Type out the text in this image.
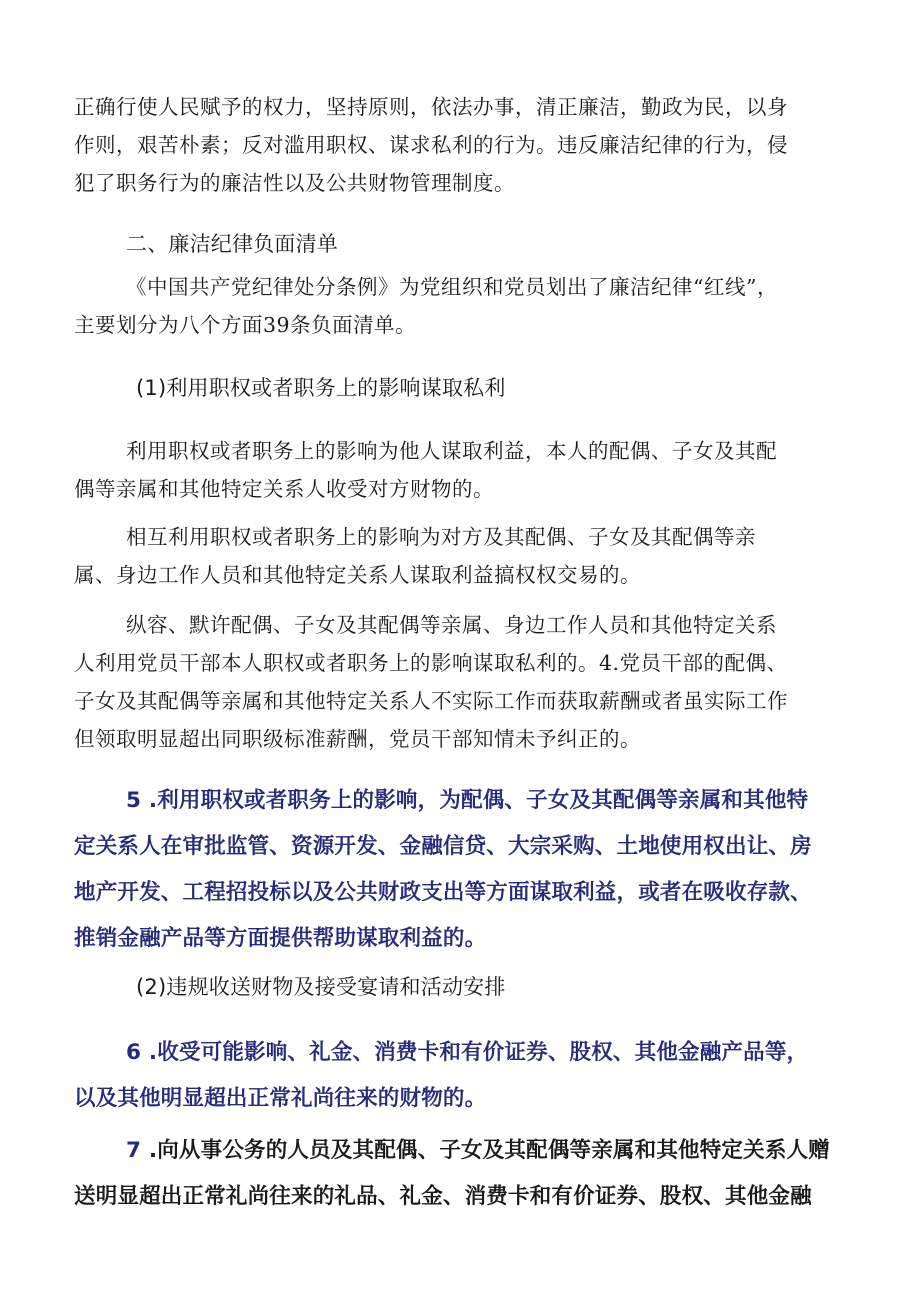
正确行使人民赋予的权力，坚持原则，依法办事，清正廉洁，勤政为民，以身
作则，艰苦朴素；反对滥用职权、谋求私利的行为。违反廉洁纪律的行为，侵
犯了职务行为的廉洁性以及公共财物管理制度。
二、廉洁纪律负面清单
《中国共产党纪律处分条例》为党组织和党员划出了廉洁纪律“红线”，
主要划分为八个方面39条负面清单。
(1)利用职权或者职务上的影响谋取私利
利用职权或者职务上的影响为他人谋取利益，本人的配偶、子女及其配
偶等亲属和其他特定关系人收受对方财物的。
相互利用职权或者职务上的影响为对方及其配偶、子女及其配偶等亲
属、身边工作人员和其他特定关系人谋取利益搞权权交易的。
纵容、默许配偶、子女及其配偶等亲属、身边工作人员和其他特定关系
人利用党员干部本人职权或者职务上的影响谋取私利的。4.党员干部的配偶、
子女及其配偶等亲属和其他特定关系人不实际工作而获取薪酬或者虽实际工作
但领取明显超出同职级标准薪酬，党员干部知情未予纠正的。
5 .利用职权或者职务上的影响，为配偶、子女及其配偶等亲属和其他特
定关系人在审批监管、资源开发、金融信贷、大宗采购、土地使用权出让、房
地产开发、工程招投标以及公共财政支出等方面谋取利益，或者在吸收存款、
推销金融产品等方面提供帮助谋取利益的。
(2)违规收送财物及接受宴请和活动安排
6 .收受可能影响、礼金、消费卡和有价证券、股权、其他金融产品等，
以及其他明显超出正常礼尚往来的财物的。
7 .向从事公务的人员及其配偶、子女及其配偶等亲属和其他特定关系人赠
送明显超出正常礼尚往来的礼品、礼金、消费卡和有价证券、股权、其他金融
